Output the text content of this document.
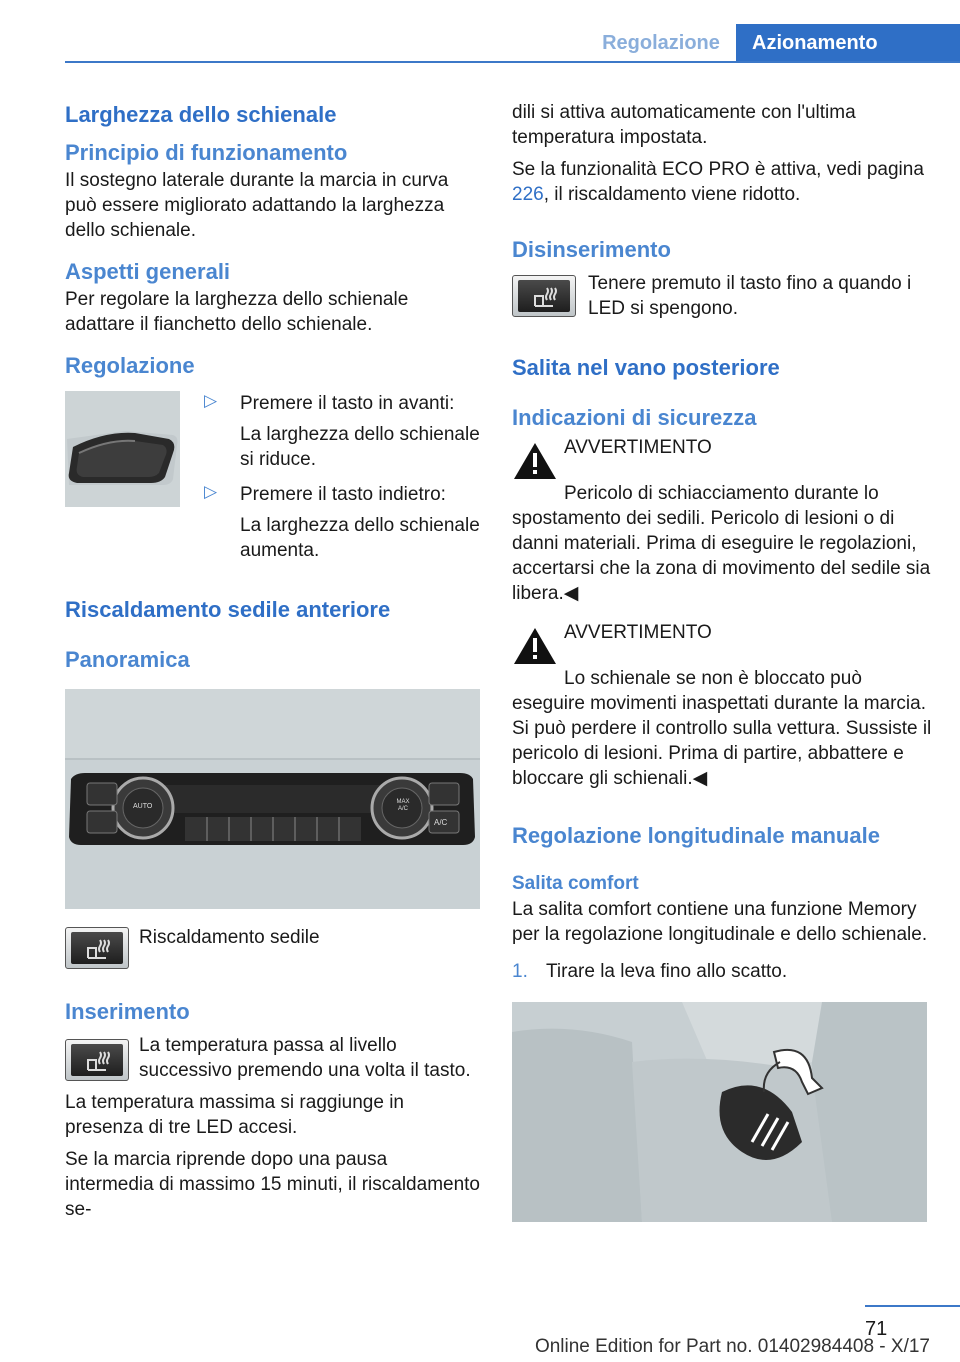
Regolazione	Azionamento
Larghezza dello schienale
Principio di funzionamento

Il sostegno laterale durante la marcia in curva può essere migliorato adattando la larghezza dello schienale.

Aspetti generali

Per regolare la larghezza dello schienale adattare il fianchetto dello schienale.

Regolazione
▷	Premere il tasto in avanti:
La larghezza dello schienale si riduce.
▷	Premere il tasto indietro:
La larghezza dello schienale aumenta.
Riscaldamento sedile anteriore
Panoramica
AUTO
MAX A/C
A/C
Riscaldamento sedile
Inserimento

La temperatura passa al livello successivo premendo una volta il tasto.

La temperatura massima si raggiunge in presenza di tre LED accesi.

Se la marcia riprende dopo una pausa intermedia di massimo 15 minuti, il riscaldamento se-

dili si attiva automaticamente con l'ultima temperatura impostata.

Se la funzionalità ECO PRO è attiva, vedi pagina 226, il riscaldamento viene ridotto.

Disinserimento

Tenere premuto il tasto fino a quando i LED si spengono.

Salita nel vano posteriore
Indicazioni di sicurezza
AVVERTIMENTO

Pericolo di schiacciamento durante lo spostamento dei sedili. Pericolo di lesioni o di danni materiali. Prima di eseguire le regolazioni, accertarsi che la zona di movimento del sedile sia libera.◀

AVVERTIMENTO

Lo schienale se non è bloccato può eseguire movimenti inaspettati durante la marcia. Si può perdere il controllo sulla vettura. Sussiste il pericolo di lesioni. Prima di partire, abbattere e bloccare gli schienali.◀

Regolazione longitudinale manuale
Salita comfort

La salita comfort contiene una funzione Memory per la regolazione longitudinale e dello schienale.

1. Tirare la leva fino allo scatto.
71
Online Edition for Part no. 01402984408 - X/17
